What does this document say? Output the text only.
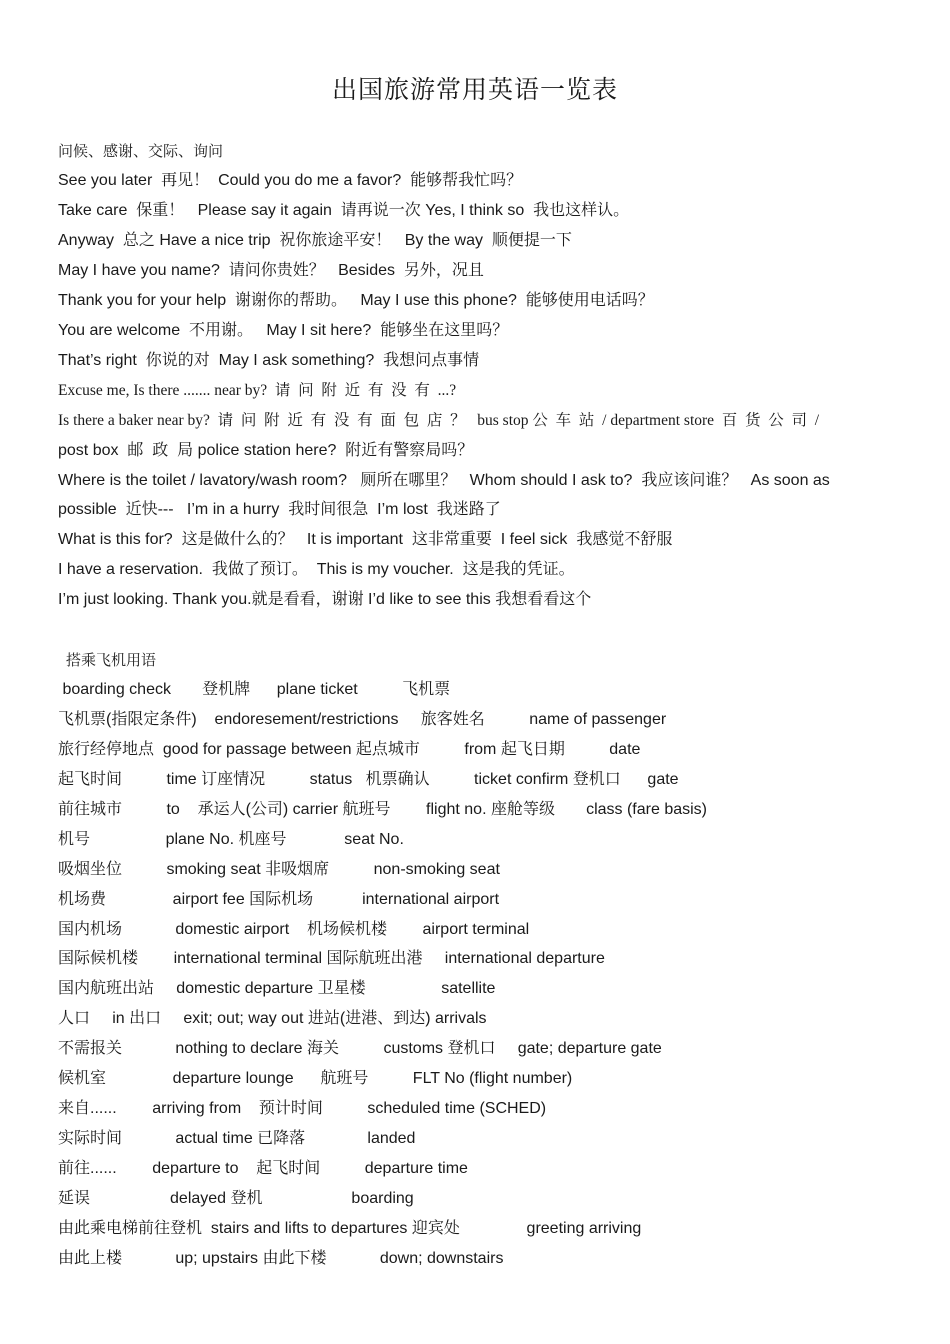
出国旅游常用英语一览表
问候、感谢、交际、询问
See you later  再见！  Could you do me a favor?  能够帮我忙吗？
Take care  保重！   Please say it again  请再说一次 Yes, I think so  我也这样认。
Anyway  总之 Have a nice trip  祝你旅途平安！   By the way  顺便提一下
May I have you name?  请问你贵姓？   Besides  另外，况且
Thank you for your help  谢谢你的帮助。   May I use this phone?  能够使用电话吗？
You are welcome  不用谢。   May I sit here?  能够坐在这里吗？
That’s right  你说的对  May I ask something?  我想问点事情
Excuse me, Is there ....... near by?  请  问  附  近  有  没  有  ...?
Is there a baker near by?  请  问  附  近  有  没  有  面  包  店  ？   bus stop 公  车  站  / department store  百  货  公  司  /
post box  邮  政  局 police station here?  附近有警察局吗？
Where is the toilet / lavatory/wash room?   厕所在哪里？   Whom should I ask to?  我应该问谁？   As soon as
possible  近快---   I’m in a hurry  我时间很急  I’m lost  我迷路了
What is this for?  这是做什么的？   It is important  这非常重要  I feel sick  我感觉不舒服
I have a reservation.  我做了预订。  This is my voucher.  这是我的凭证。
I’m just looking. Thank you.就是看看，谢谢 I’d like to see this 我想看看这个
搭乘飞机用语
boarding check       登机牌      plane ticket          飞机票
飞机票(指限定条件)    endoresement/restrictions     旅客姓名          name of passenger
旅行经停地点  good for passage between 起点城市          from 起飞日期          date
起飞时间          time 订座情况          status   机票确认          ticket confirm 登机口      gate
前往城市          to    承运人(公司) carrier 航班号        flight no. 座舱等级       class (fare basis)
机号                 plane No. 机座号             seat No.
吸烟坐位          smoking seat 非吸烟席          non-smoking seat
机场费               airport fee 国际机场           international airport
国内机场            domestic airport    机场候机楼        airport terminal
国际候机楼        international terminal 国际航班出港     international departure
国内航班出站     domestic departure 卫星楼                 satellite
人口     in 出口     exit; out; way out 进站(进港、到达) arrivals
不需报关            nothing to declare 海关          customs 登机口     gate; departure gate
候机室               departure lounge      航班号          FLT No (flight number)
来自......        arriving from    预计时间          scheduled time (SCHED)
实际时间            actual time 已降落              landed
前往......        departure to    起飞时间          departure time
延误                  delayed 登机                    boarding
由此乘电梯前往登机  stairs and lifts to departures 迎宾处               greeting arriving
由此上楼            up; upstairs 由此下楼            down; downstairs
